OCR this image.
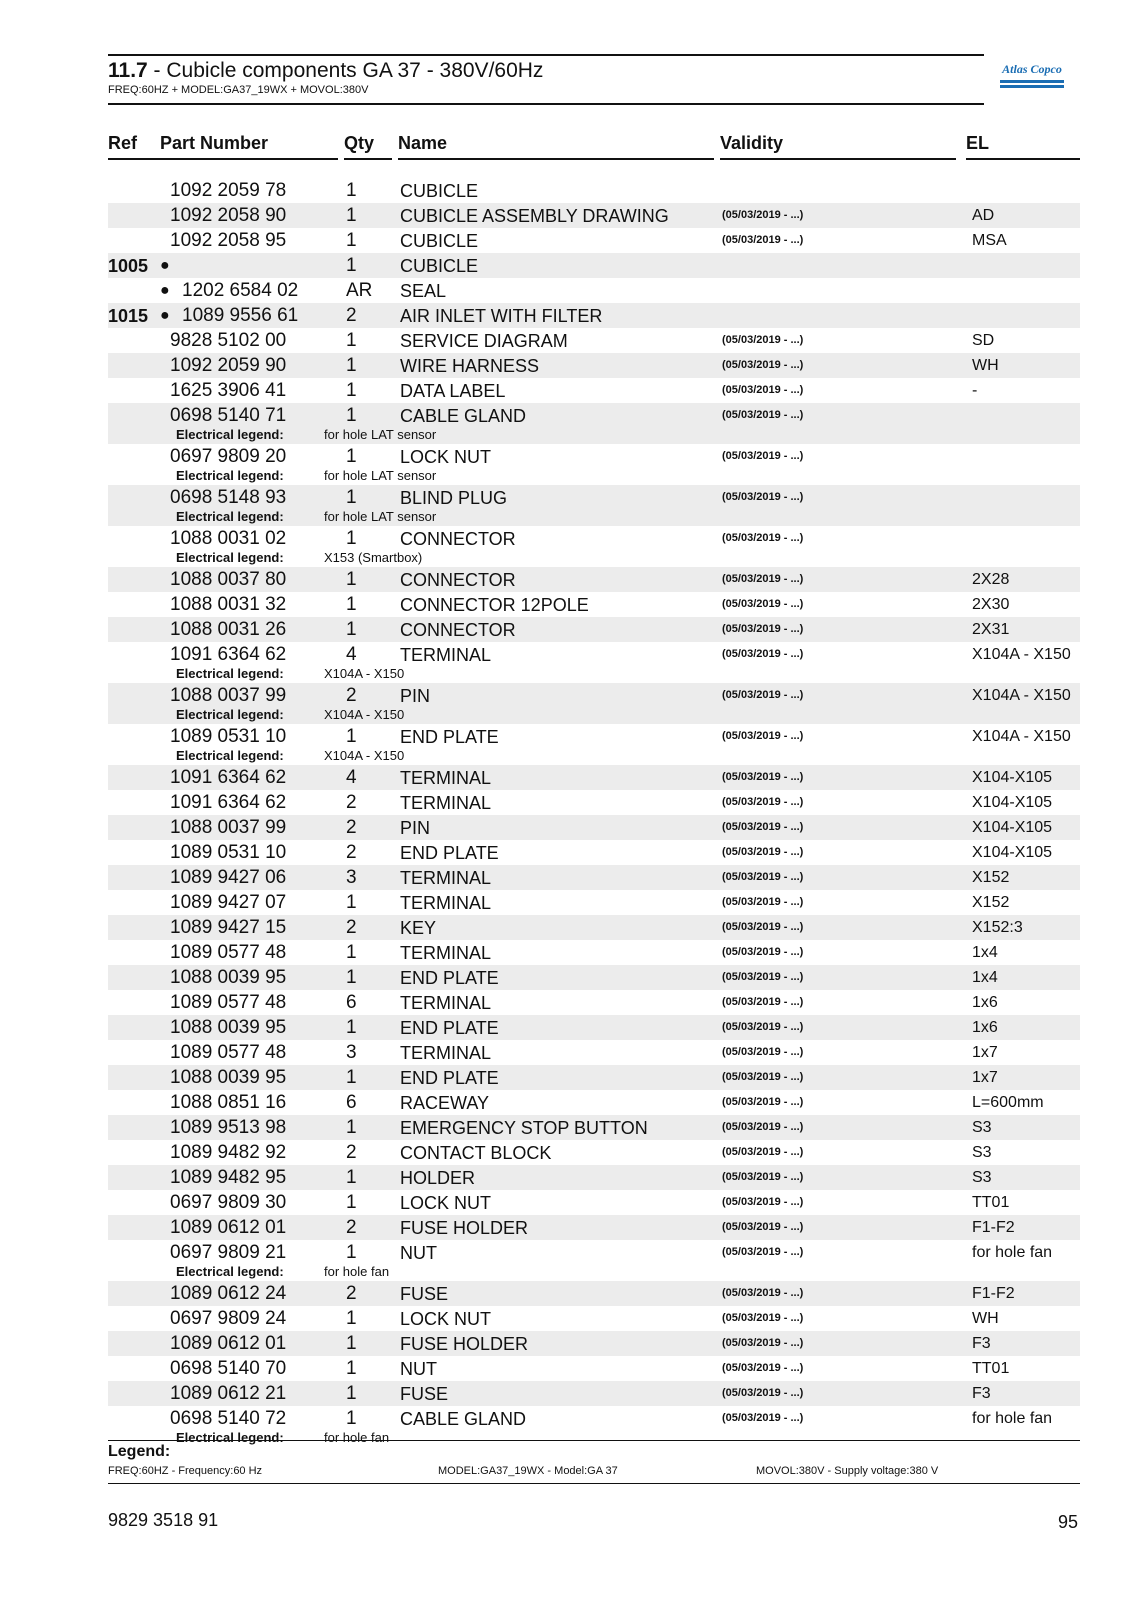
11.7 - Cubicle components GA 37 - 380V/60Hz
FREQ:60HZ + MODEL:GA37_19WX + MOVOL:380V
Atlas Copco
Ref	Part Number	Qty	Name	Validity	EL
1092 2059 78	1 CUBICLE
1092 2058 90	1 CUBICLE ASSEMBLY DRAWING	(05/03/2019 - ...)	AD
1092 2058 95	1 CUBICLE	(05/03/2019 - ...)	MSA
1005 ●	1 CUBICLE
● 1202 6584 02	AR SEAL
1015 ● 1089 9556 61	2 AIR INLET WITH FILTER
9828 5102 00	1 SERVICE DIAGRAM	(05/03/2019 - ...)	SD
1092 2059 90	1 WIRE HARNESS	(05/03/2019 - ...)	WH
1625 3906 41	1 DATA LABEL	(05/03/2019 - ...)	-
0698 5140 71	1 CABLE GLAND	(05/03/2019 - ...)
Electrical legend:	for hole LAT sensor
0697 9809 20	1 LOCK NUT	(05/03/2019 - ...)
Electrical legend:	for hole LAT sensor
0698 5148 93	1 BLIND PLUG	(05/03/2019 - ...)
Electrical legend:	for hole LAT sensor
1088 0031 02	1 CONNECTOR	(05/03/2019 - ...)
Electrical legend:	X153 (Smartbox)
1088 0037 80	1 CONNECTOR	(05/03/2019 - ...)	2X28
1088 0031 32	1 CONNECTOR 12POLE	(05/03/2019 - ...)	2X30
1088 0031 26	1 CONNECTOR	(05/03/2019 - ...)	2X31
1091 6364 62	4 TERMINAL	(05/03/2019 - ...)	X104A - X150
Electrical legend:	X104A - X150
1088 0037 99	2 PIN	(05/03/2019 - ...)	X104A - X150
Electrical legend:	X104A - X150
1089 0531 10	1 END PLATE	(05/03/2019 - ...)	X104A - X150
Electrical legend:	X104A - X150
1091 6364 62	4 TERMINAL	(05/03/2019 - ...)	X104-X105
1091 6364 62	2 TERMINAL	(05/03/2019 - ...)	X104-X105
1088 0037 99	2 PIN	(05/03/2019 - ...)	X104-X105
1089 0531 10	2 END PLATE	(05/03/2019 - ...)	X104-X105
1089 9427 06	3 TERMINAL	(05/03/2019 - ...)	X152
1089 9427 07	1 TERMINAL	(05/03/2019 - ...)	X152
1089 9427 15	2 KEY	(05/03/2019 - ...)	X152:3
1089 0577 48	1 TERMINAL	(05/03/2019 - ...)	1x4
1088 0039 95	1 END PLATE	(05/03/2019 - ...)	1x4
1089 0577 48	6 TERMINAL	(05/03/2019 - ...)	1x6
1088 0039 95	1 END PLATE	(05/03/2019 - ...)	1x6
1089 0577 48	3 TERMINAL	(05/03/2019 - ...)	1x7
1088 0039 95	1 END PLATE	(05/03/2019 - ...)	1x7
1088 0851 16	6 RACEWAY	(05/03/2019 - ...)	L=600mm
1089 9513 98	1 EMERGENCY STOP BUTTON	(05/03/2019 - ...)	S3
1089 9482 92	2 CONTACT BLOCK	(05/03/2019 - ...)	S3
1089 9482 95	1 HOLDER	(05/03/2019 - ...)	S3
0697 9809 30	1 LOCK NUT	(05/03/2019 - ...)	TT01
1089 0612 01	2 FUSE HOLDER	(05/03/2019 - ...)	F1-F2
0697 9809 21	1 NUT	(05/03/2019 - ...)	for hole fan
Electrical legend:	for hole fan
1089 0612 24	2 FUSE	(05/03/2019 - ...)	F1-F2
0697 9809 24	1 LOCK NUT	(05/03/2019 - ...)	WH
1089 0612 01	1 FUSE HOLDER	(05/03/2019 - ...)	F3
0698 5140 70	1 NUT	(05/03/2019 - ...)	TT01
1089 0612 21	1 FUSE	(05/03/2019 - ...)	F3
0698 5140 72	1 CABLE GLAND	(05/03/2019 - ...)	for hole fan
Electrical legend:	for hole fan
Legend:
FREQ:60HZ - Frequency:60 Hz	MODEL:GA37_19WX - Model:GA 37	MOVOL:380V - Supply voltage:380 V
9829 3518 91	95
